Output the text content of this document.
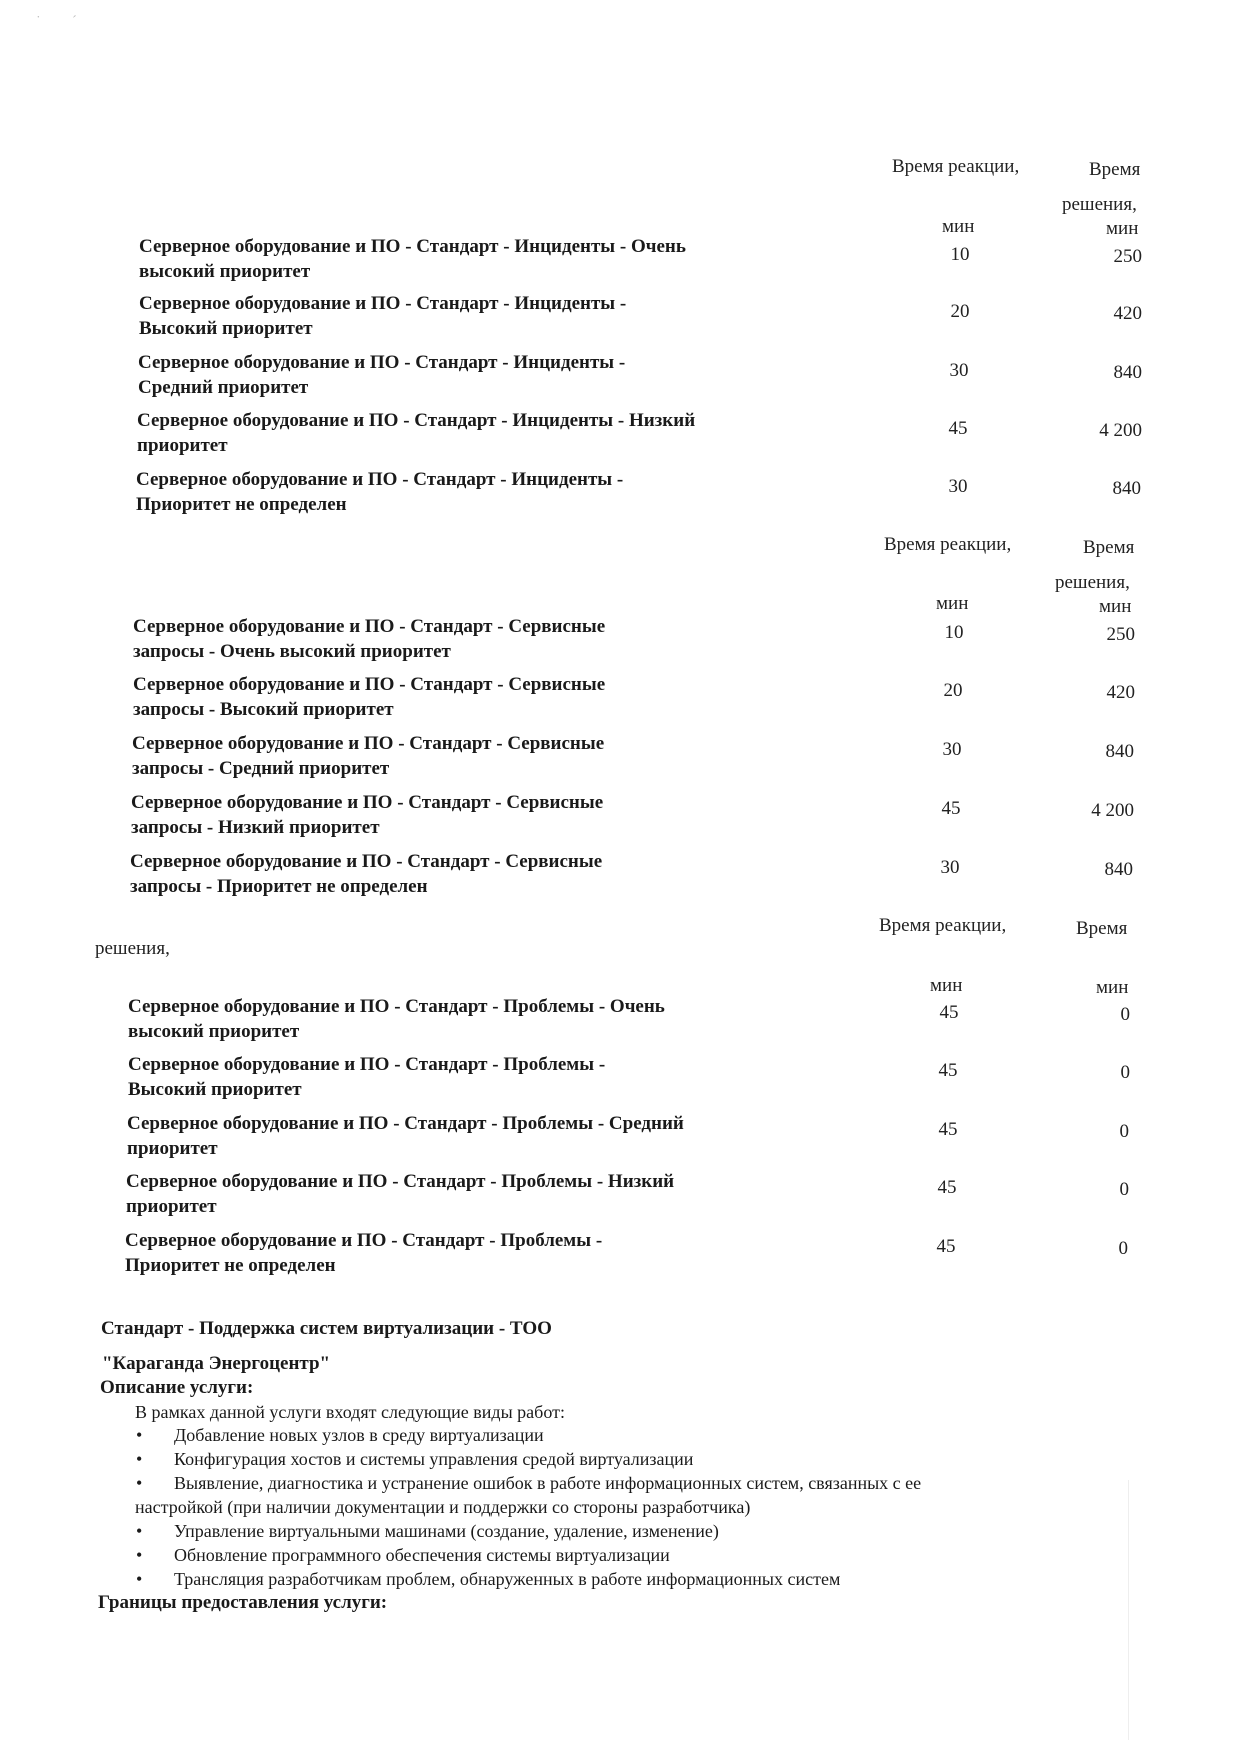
˙         ˊ
Время реакции,	Время
решения,
мин	мин
Серверное оборудование и ПО - Стандарт - Инциденты - Очень высокий приоритет
10	250
Серверное оборудование и ПО - Стандарт - Инциденты - Высокий приоритет
20	420
Серверное оборудование и ПО - Стандарт - Инциденты - Средний приоритет
30	840
Серверное оборудование и ПО - Стандарт - Инциденты - Низкий приоритет
45	4 200
Серверное оборудование и ПО - Стандарт - Инциденты - Приоритет не определен
30	840
Время реакции,	Время
решения,
мин	мин
Серверное оборудование и ПО - Стандарт - Сервисные запросы - Очень высокий приоритет
10	250
Серверное оборудование и ПО - Стандарт - Сервисные запросы - Высокий приоритет
20	420
Серверное оборудование и ПО - Стандарт - Сервисные запросы - Средний приоритет
30	840
Серверное оборудование и ПО - Стандарт - Сервисные запросы - Низкий приоритет
45	4 200
Серверное оборудование и ПО - Стандарт - Сервисные запросы - Приоритет не определен
30	840
Время реакции,	Время
решения,
мин	мин
Серверное оборудование и ПО - Стандарт - Проблемы - Очень высокий приоритет
45	0
Серверное оборудование и ПО - Стандарт - Проблемы - Высокий приоритет
45	0
Серверное оборудование и ПО - Стандарт - Проблемы - Средний приоритет
45	0
Серверное оборудование и ПО - Стандарт - Проблемы - Низкий приоритет
45	0
Серверное оборудование и ПО - Стандарт - Проблемы - Приоритет не определен
45	0
Стандарт - Поддержка систем виртуализации - ТОО
"Караганда Энергоцентр"
Описание услуги:
В рамках данной услуги входят следующие виды работ:
• Добавление новых узлов в среду виртуализации
• Конфигурация хостов и системы управления средой виртуализации
• Выявление, диагностика и устранение ошибок в работе информационных систем, связанных с ее
настройкой (при наличии документации и поддержки со стороны разработчика)
• Управление виртуальными машинами (создание, удаление, изменение)
• Обновление программного обеспечения системы виртуализации
• Трансляция разработчикам проблем, обнаруженных в работе информационных систем
Границы предоставления услуги:
